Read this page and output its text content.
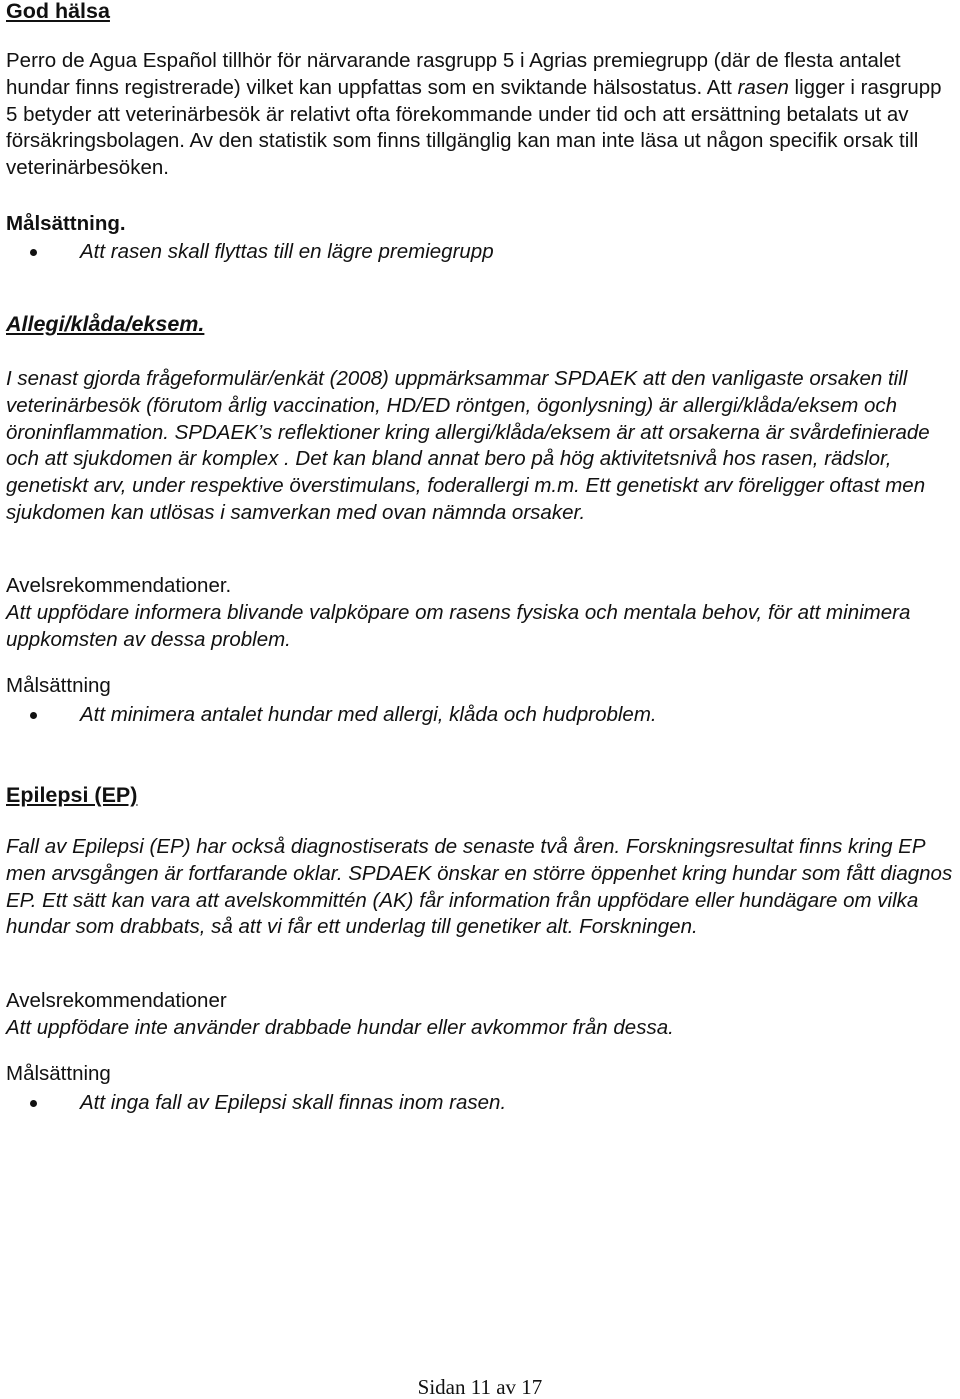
God hälsa

Perro de Agua Español tillhör för närvarande rasgrupp 5 i Agrias premiegrupp (där de flesta antalet hundar finns registrerade) vilket kan uppfattas som en sviktande hälsostatus. Att rasen ligger i rasgrupp 5 betyder att veterinärbesök är relativt ofta förekommande under tid och att ersättning betalats ut av försäkringsbolagen. Av den statistik som finns tillgänglig kan man inte läsa ut någon specifik orsak till veterinärbesöken.

Målsättning.

Att rasen skall flyttas till en lägre premiegrupp
Allegi/klåda/eksem.

I senast gjorda frågeformulär/enkät (2008) uppmärksammar SPDAEK att den vanligaste orsaken till veterinärbesök (förutom årlig vaccination, HD/ED röntgen, ögonlysning) är allergi/klåda/eksem och öroninflammation. SPDAEK’s reflektioner kring allergi/klåda/eksem är att orsakerna är svårdefinierade och att sjukdomen är komplex . Det kan bland annat bero på hög aktivitetsnivå hos rasen, rädslor, genetiskt arv, under respektive överstimulans, foderallergi m.m. Ett genetiskt arv föreligger oftast men sjukdomen kan utlösas i samverkan med ovan nämnda orsaker.

Avelsrekommendationer.

Att uppfödare informera blivande valpköpare om rasens fysiska och mentala behov, för att minimera uppkomsten av dessa problem.

Målsättning

Att minimera antalet hundar med allergi, klåda och hudproblem.
Epilepsi (EP)

Fall av Epilepsi (EP) har också diagnostiserats de senaste två åren. Forskningsresultat finns kring EP men arvsgången är fortfarande oklar. SPDAEK önskar en större öppenhet kring hundar som fått diagnos EP. Ett sätt kan vara att avelskommittén (AK) får information från uppfödare eller hundägare om vilka hundar som drabbats, så att vi får ett underlag till genetiker alt. Forskningen.

Avelsrekommendationer

Att uppfödare inte använder drabbade hundar eller avkommor från dessa.

Målsättning

Att inga fall av Epilepsi skall finnas inom rasen.
Sidan 11 av 17
